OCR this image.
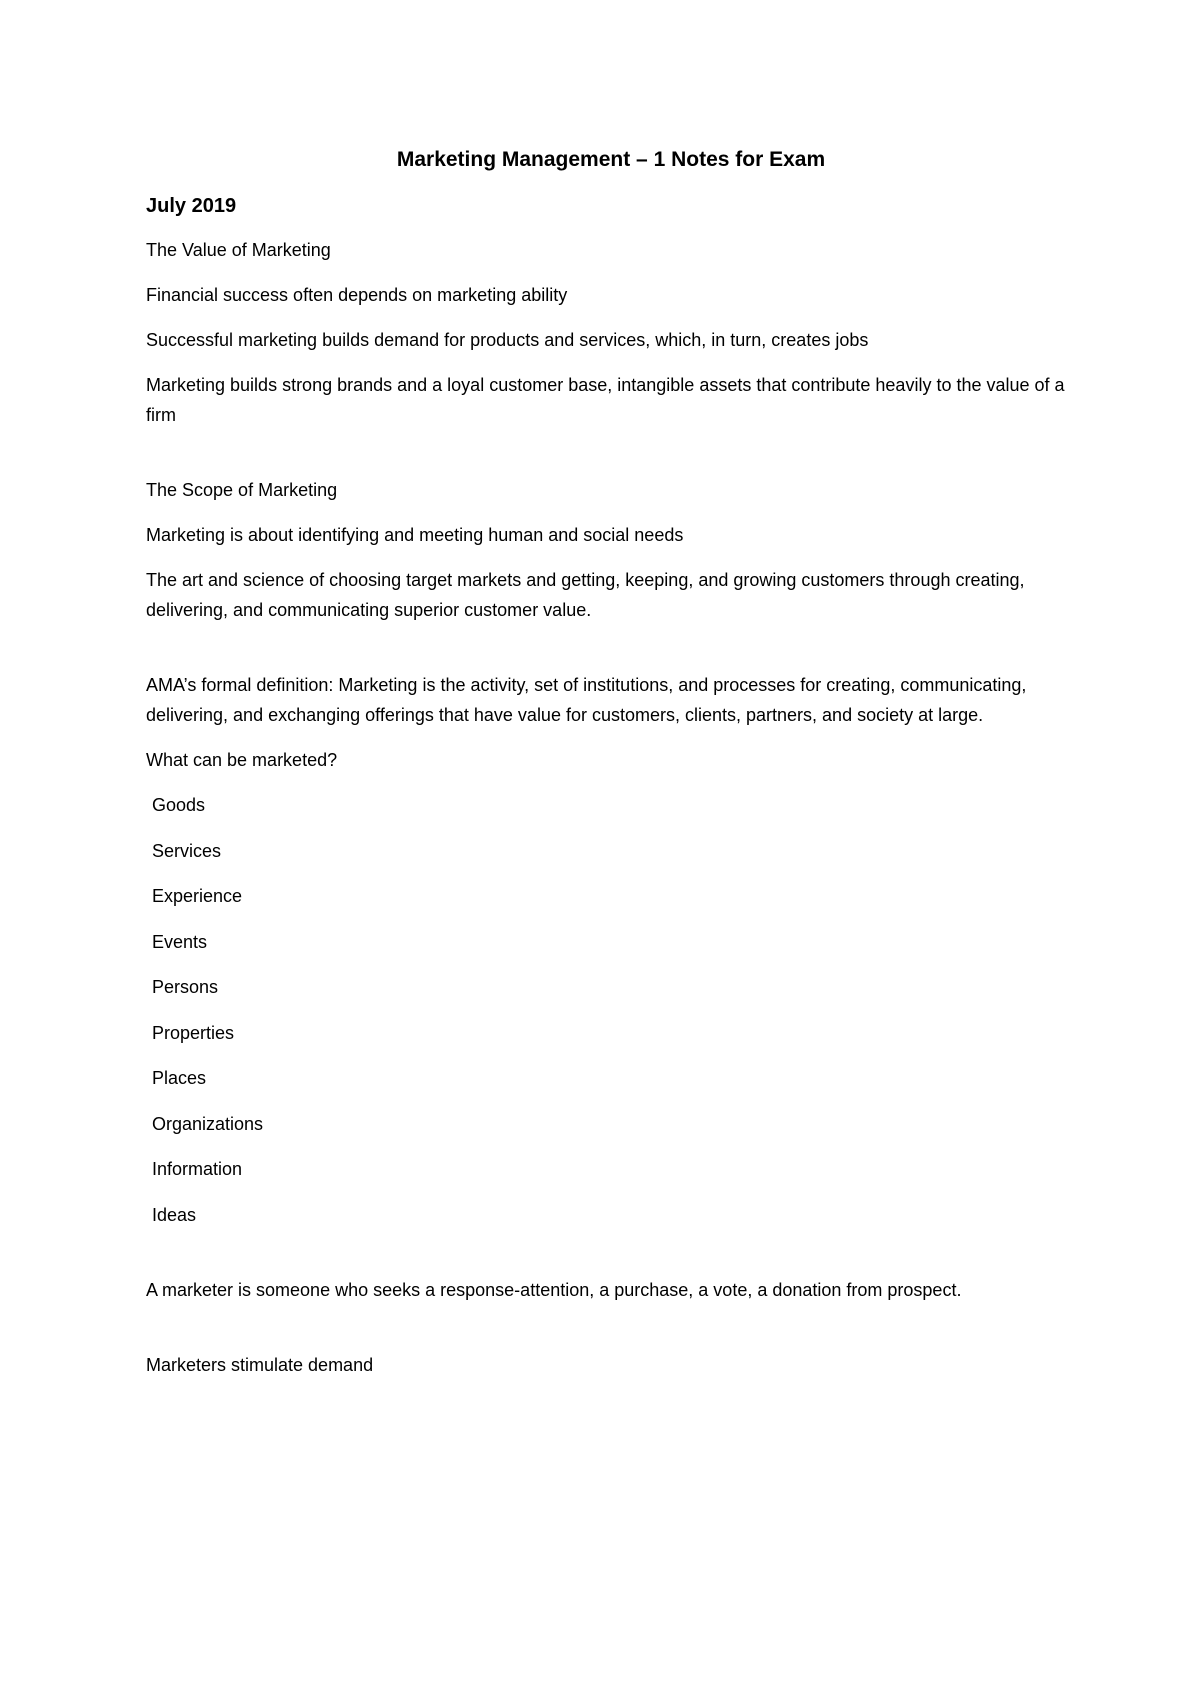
Marketing Management – 1 Notes for Exam
July 2019

The Value of Marketing

Financial success often depends on marketing ability

Successful marketing builds demand for products and services, which, in turn, creates jobs

Marketing builds strong brands and a loyal customer base, intangible assets that contribute heavily to the value of a firm

The Scope of Marketing

Marketing is about identifying and meeting human and social needs

The art and science of choosing target markets and getting, keeping, and growing customers through creating, delivering, and communicating superior customer value.

AMA’s formal definition: Marketing is the activity, set of institutions, and processes for creating, communicating, delivering, and exchanging offerings that have value for customers, clients, partners, and society at large.

What can be marketed?

Goods
Services
Experience
Events
Persons
Properties
Places
Organizations
Information
Ideas

A marketer is someone who seeks a response-attention, a purchase, a vote, a donation from prospect.

Marketers stimulate demand
